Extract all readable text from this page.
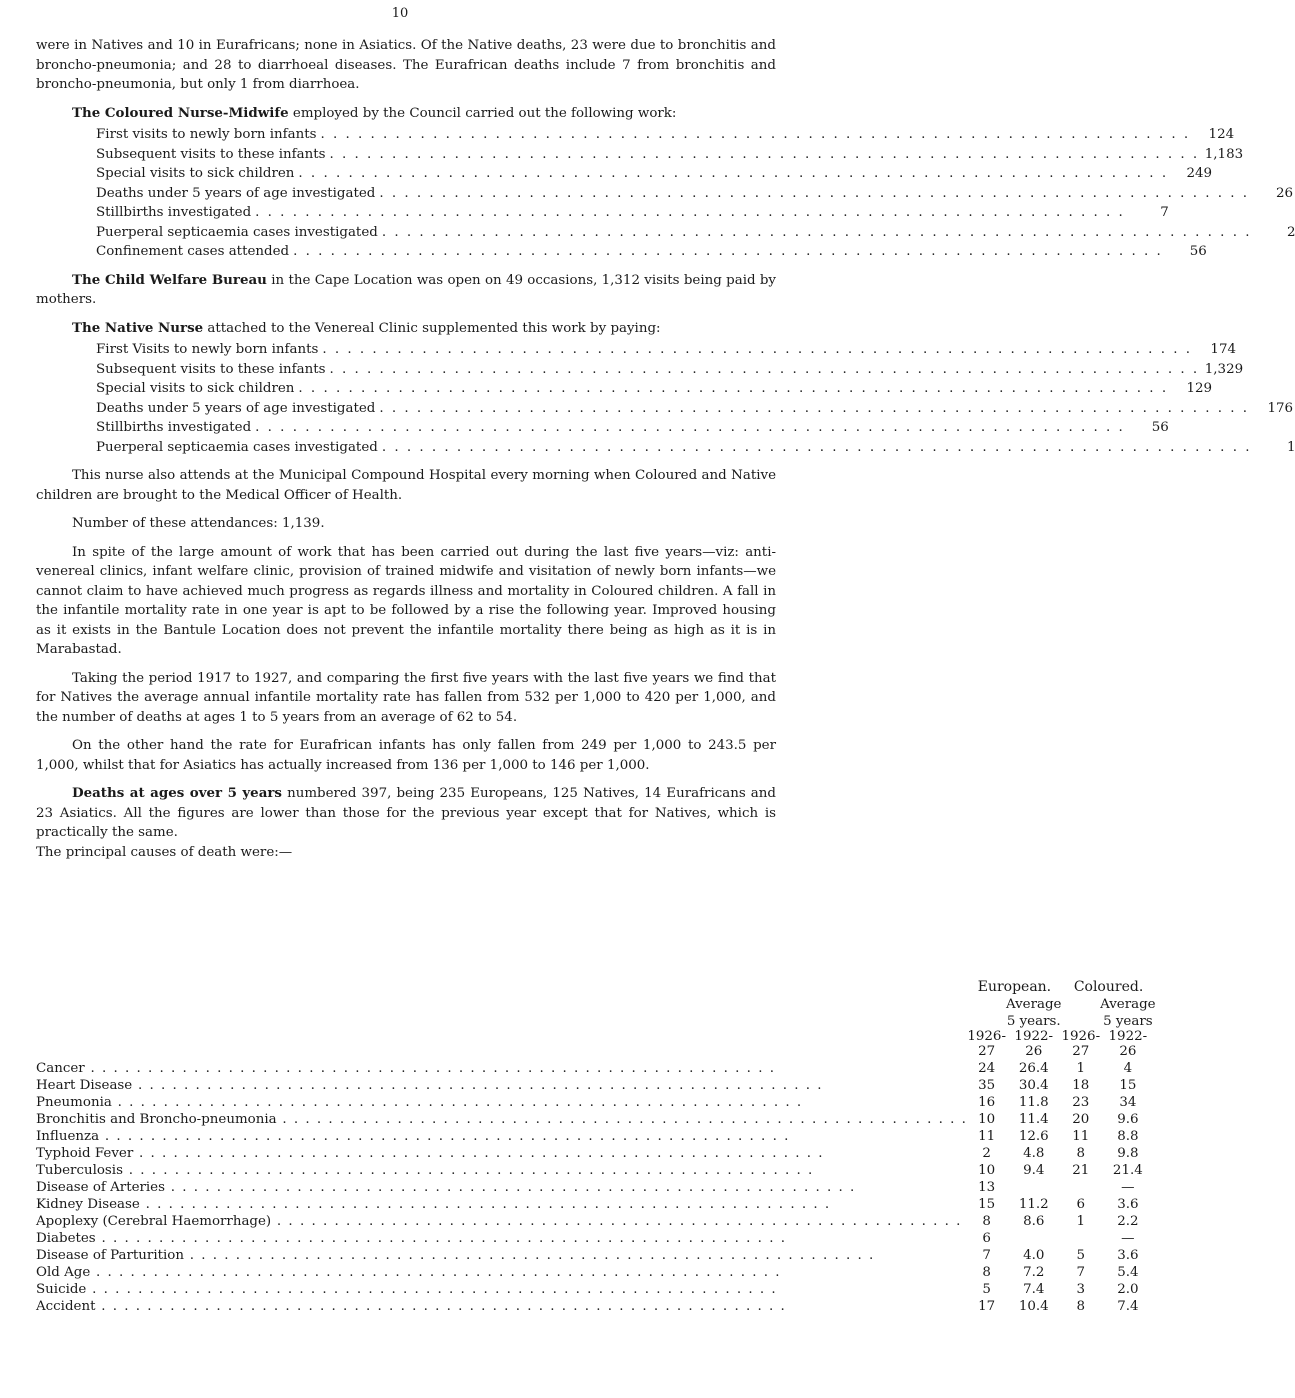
10

were in Natives and 10 in Eurafricans; none in Asiatics. Of the Native deaths, 23 were due to bronchitis and broncho-pneumonia; and 28 to diarrhoeal diseases. The Eurafrican deaths include 7 from bronchitis and broncho-pneumonia, but only 1 from diarrhoea.

The Coloured Nurse-Midwife employed by the Council carried out the following work:

First visits to newly born infants . . . . . . . . . . . . . . . . . . . . . . . . . . . . . . . . . . . . . . . . . . . . . . . . . . . . . . . . . . . . . . . . . . . . . .	124
Subsequent visits to these infants . . . . . . . . . . . . . . . . . . . . . . . . . . . . . . . . . . . . . . . . . . . . . . . . . . . . . . . . . . . . . . . . . . . . . . 1,183
Special visits to sick children . . . . . . . . . . . . . . . . . . . . . . . . . . . . . . . . . . . . . . . . . . . . . . . . . . . . . . . . . . . . . . . . . . . . . .	249
Deaths under 5 years of age investigated . . . . . . . . . . . . . . . . . . . . . . . . . . . . . . . . . . . . . . . . . . . . . . . . . . . . . . . . . . . . . . . . . . . . . .	26
Stillbirths investigated . . . . . . . . . . . . . . . . . . . . . . . . . . . . . . . . . . . . . . . . . . . . . . . . . . . . . . . . . . . . . . . . . . . . . .	7
Puerperal septicaemia cases investigated . . . . . . . . . . . . . . . . . . . . . . . . . . . . . . . . . . . . . . . . . . . . . . . . . . . . . . . . . . . . . . . . . . . . . .	2
Confinement cases attended . . . . . . . . . . . . . . . . . . . . . . . . . . . . . . . . . . . . . . . . . . . . . . . . . . . . . . . . . . . . . . . . . . . . . .	56

The Child Welfare Bureau in the Cape Location was open on 49 occasions, 1,312 visits being paid by mothers.

The Native Nurse attached to the Venereal Clinic supplemented this work by paying:

First Visits to newly born infants . . . . . . . . . . . . . . . . . . . . . . . . . . . . . . . . . . . . . . . . . . . . . . . . . . . . . . . . . . . . . . . . . . . . . .	174
Subsequent visits to these infants . . . . . . . . . . . . . . . . . . . . . . . . . . . . . . . . . . . . . . . . . . . . . . . . . . . . . . . . . . . . . . . . . . . . . . 1,329
Special visits to sick children . . . . . . . . . . . . . . . . . . . . . . . . . . . . . . . . . . . . . . . . . . . . . . . . . . . . . . . . . . . . . . . . . . . . . .	129
Deaths under 5 years of age investigated . . . . . . . . . . . . . . . . . . . . . . . . . . . . . . . . . . . . . . . . . . . . . . . . . . . . . . . . . . . . . . . . . . . . . .	176
Stillbirths investigated . . . . . . . . . . . . . . . . . . . . . . . . . . . . . . . . . . . . . . . . . . . . . . . . . . . . . . . . . . . . . . . . . . . . . .	56
Puerperal septicaemia cases investigated . . . . . . . . . . . . . . . . . . . . . . . . . . . . . . . . . . . . . . . . . . . . . . . . . . . . . . . . . . . . . . . . . . . . . .	1

This nurse also attends at the Municipal Compound Hospital every morning when Coloured and Native children are brought to the Medical Officer of Health.

Number of these attendances: 1,139.

In spite of the large amount of work that has been carried out during the last five years—viz: anti-venereal clinics, infant welfare clinic, provision of trained midwife and visitation of newly born infants—we cannot claim to have achieved much progress as regards illness and mortality in Coloured children. A fall in the infantile mortality rate in one year is apt to be followed by a rise the following year. Improved housing as it exists in the Bantule Location does not prevent the infantile mortality there being as high as it is in Marabastad.

Taking the period 1917 to 1927, and comparing the first five years with the last five years we find that for Natives the average annual infantile mortality rate has fallen from 532 per 1,000 to 420 per 1,000, and the number of deaths at ages 1 to 5 years from an average of 62 to 54.

On the other hand the rate for Eurafrican infants has only fallen from 249 per 1,000 to 243.5 per 1,000, whilst that for Asiatics has actually increased from 136 per 1,000 to 146 per 1,000.

Deaths at ages over 5 years numbered 397, being 235 Europeans, 125 Natives, 14 Eurafricans and 23 Asiatics. All the figures are lower than those for the previous year except that for Natives, which is practically the same.

The principal causes of death were:—

	European.		Coloured.	
		Average		Average
		5 years.		5 years
	1926-27	1922-26	1926-27	1922-26
Cancer . . . . . . . . . . . . . . . . . . . . . . . . . . . . . . . . . . . . . . . . . . . . . . . . . . . . . . . . . . . .	24	26.4	1	4
Heart Disease . . . . . . . . . . . . . . . . . . . . . . . . . . . . . . . . . . . . . . . . . . . . . . . . . . . . . . . . . . . .	35	30.4	18	15
Pneumonia . . . . . . . . . . . . . . . . . . . . . . . . . . . . . . . . . . . . . . . . . . . . . . . . . . . . . . . . . . . .	16	11.8	23	34
Bronchitis and Broncho-pneumonia . . . . . . . . . . . . . . . . . . . . . . . . . . . . . . . . . . . . . . . . . . . . . . . . . . . . . . . . . . . .	10	11.4	20	9.6
Influenza . . . . . . . . . . . . . . . . . . . . . . . . . . . . . . . . . . . . . . . . . . . . . . . . . . . . . . . . . . . .	11	12.6	11	8.8
Typhoid Fever . . . . . . . . . . . . . . . . . . . . . . . . . . . . . . . . . . . . . . . . . . . . . . . . . . . . . . . . . . . .	2	4.8	8	9.8
Tuberculosis . . . . . . . . . . . . . . . . . . . . . . . . . . . . . . . . . . . . . . . . . . . . . . . . . . . . . . . . . . . .	10	9.4	21	21.4
Disease of Arteries . . . . . . . . . . . . . . . . . . . . . . . . . . . . . . . . . . . . . . . . . . . . . . . . . . . . . . . . . . . .	13			—
Kidney Disease . . . . . . . . . . . . . . . . . . . . . . . . . . . . . . . . . . . . . . . . . . . . . . . . . . . . . . . . . . . .	15	11.2	6	3.6
Apoplexy (Cerebral Haemorrhage) . . . . . . . . . . . . . . . . . . . . . . . . . . . . . . . . . . . . . . . . . . . . . . . . . . . . . . . . . . . .	8	8.6	1	2.2
Diabetes . . . . . . . . . . . . . . . . . . . . . . . . . . . . . . . . . . . . . . . . . . . . . . . . . . . . . . . . . . . .	6			—
Disease of Parturition . . . . . . . . . . . . . . . . . . . . . . . . . . . . . . . . . . . . . . . . . . . . . . . . . . . . . . . . . . . .	7	4.0	5	3.6
Old Age . . . . . . . . . . . . . . . . . . . . . . . . . . . . . . . . . . . . . . . . . . . . . . . . . . . . . . . . . . . .	8	7.2	7	5.4
Suicide . . . . . . . . . . . . . . . . . . . . . . . . . . . . . . . . . . . . . . . . . . . . . . . . . . . . . . . . . . . .	5	7.4	3	2.0
Accident . . . . . . . . . . . . . . . . . . . . . . . . . . . . . . . . . . . . . . . . . . . . . . . . . . . . . . . . . . . .	17	10.4	8	7.4
